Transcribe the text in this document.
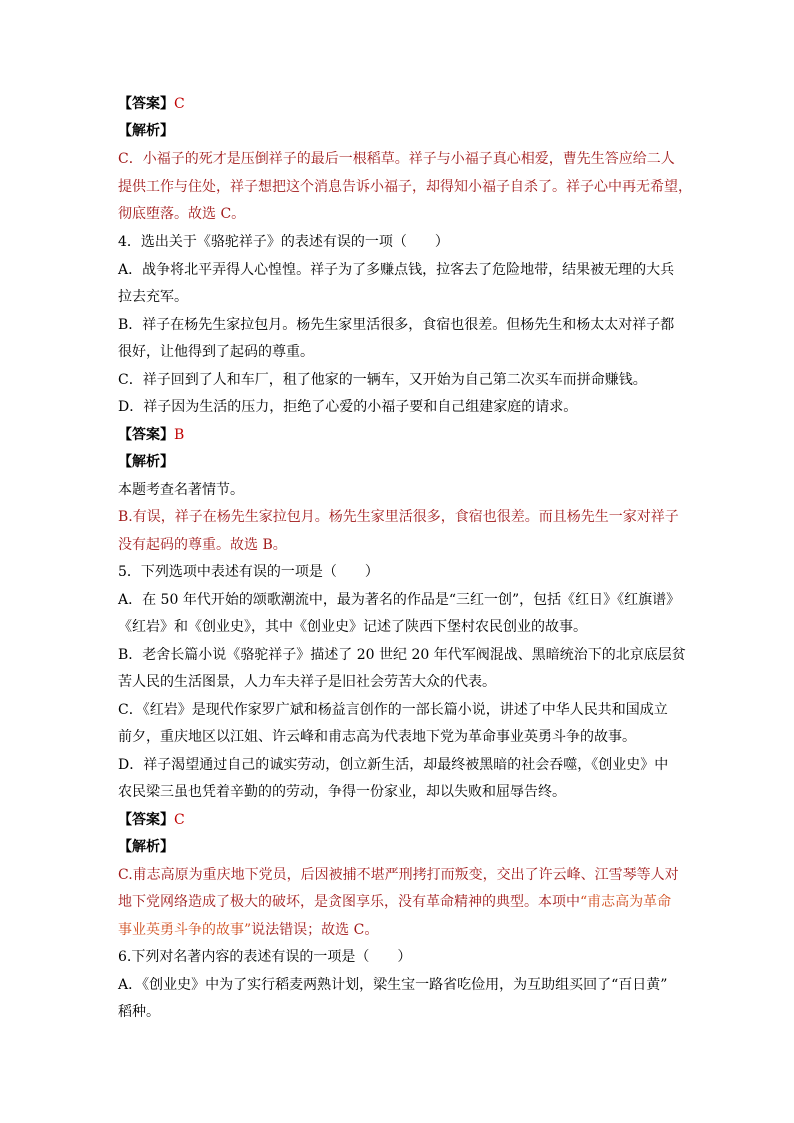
【答案】C
【解析】
C．小福子的死才是压倒祥子的最后一根稻草。祥子与小福子真心相爱，曹先生答应给二人
提供工作与住处，祥子想把这个消息告诉小福子，却得知小福子自杀了。祥子心中再无希望，
彻底堕落。故选 C。
4．选出关于《骆驼祥子》的表述有误的一项（　　）
A．战争将北平弄得人心惶惶。祥子为了多赚点钱，拉客去了危险地带，结果被无理的大兵
拉去充军。
B．祥子在杨先生家拉包月。杨先生家里活很多，食宿也很差。但杨先生和杨太太对祥子都
很好，让他得到了起码的尊重。
C．祥子回到了人和车厂，租了他家的一辆车，又开始为自己第二次买车而拼命赚钱。
D．祥子因为生活的压力，拒绝了心爱的小福子要和自己组建家庭的请求。
【答案】B
【解析】
本题考查名著情节。
B.有误，祥子在杨先生家拉包月。杨先生家里活很多，食宿也很差。而且杨先生一家对祥子
没有起码的尊重。故选 B。
5．下列选项中表述有误的一项是（　　）
A．在 50 年代开始的颂歌潮流中，最为著名的作品是“三红一创”，包括《红日》《红旗谱》
《红岩》和《创业史》，其中《创业史》记述了陕西下堡村农民创业的故事。
B．老舍长篇小说《骆驼祥子》描述了 20 世纪 20 年代军阀混战、黑暗统治下的北京底层贫
苦人民的生活图景，人力车夫祥子是旧社会劳苦大众的代表。
C．《红岩》是现代作家罗广斌和杨益言创作的一部长篇小说，讲述了中华人民共和国成立
前夕，重庆地区以江姐、许云峰和甫志高为代表地下党为革命事业英勇斗争的故事。
D．祥子渴望通过自己的诚实劳动，创立新生活，却最终被黑暗的社会吞噬，《创业史》中
农民梁三虽也凭着辛勤的的劳动，争得一份家业，却以失败和屈辱告终。
【答案】C
【解析】
C.甫志高原为重庆地下党员，后因被捕不堪严刑拷打而叛变，交出了许云峰、江雪琴等人对
地下党网络造成了极大的破坏，是贪图享乐，没有革命精神的典型。本项中“甫志高为革命
事业英勇斗争的故事”说法错误；故选 C。
6.下列对名著内容的表述有误的一项是（　　）
A．《创业史》中为了实行稻麦两熟计划，梁生宝一路省吃俭用，为互助组买回了“百日黄”
稻种。
